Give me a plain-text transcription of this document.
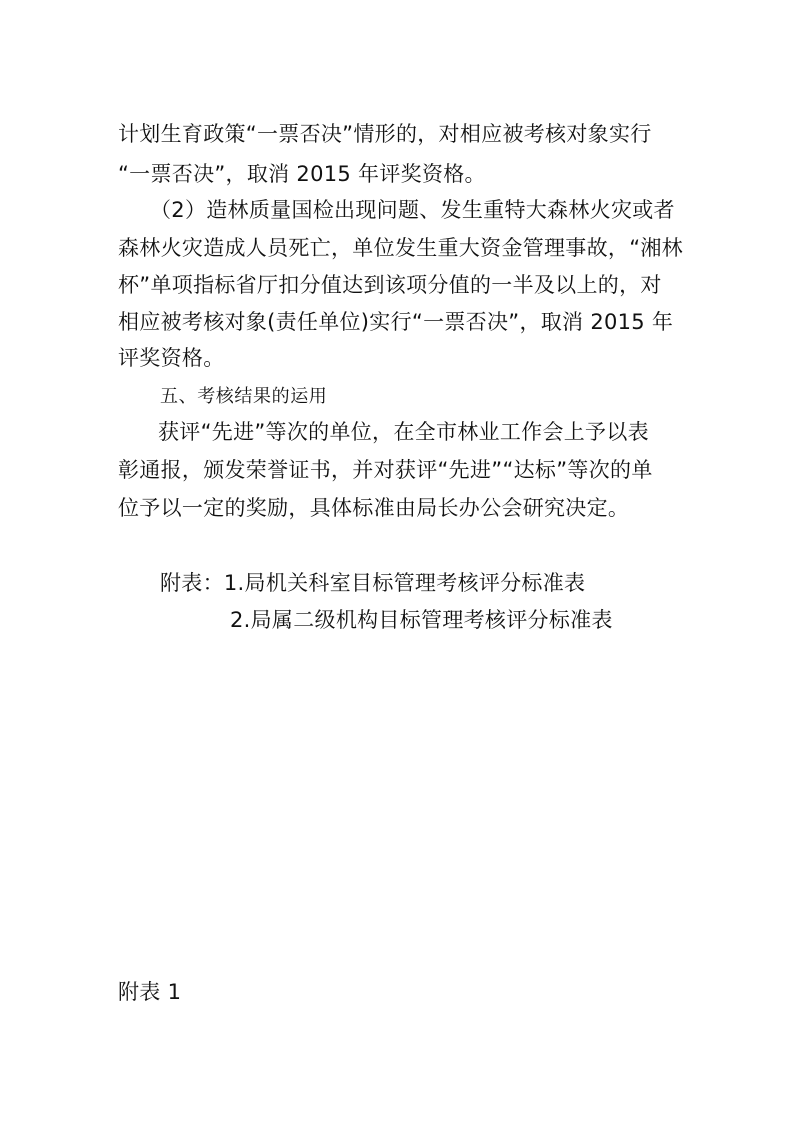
计划生育政策“一票否决”情形的，对相应被考核对象实行
“一票否决”，取消 2015 年评奖资格。
（2）造林质量国检出现问题、发生重特大森林火灾或者
森林火灾造成人员死亡，单位发生重大资金管理事故，“湘林
杯”单项指标省厅扣分值达到该项分值的一半及以上的，对
相应被考核对象(责任单位)实行“一票否决”，取消 2015 年
评奖资格。
五、考核结果的运用
获评“先进”等次的单位，在全市林业工作会上予以表
彰通报，颁发荣誉证书，并对获评“先进”“达标”等次的单
位予以一定的奖励，具体标准由局长办公会研究决定。
附表：1.局机关科室目标管理考核评分标准表
2.局属二级机构目标管理考核评分标准表
附表 1
